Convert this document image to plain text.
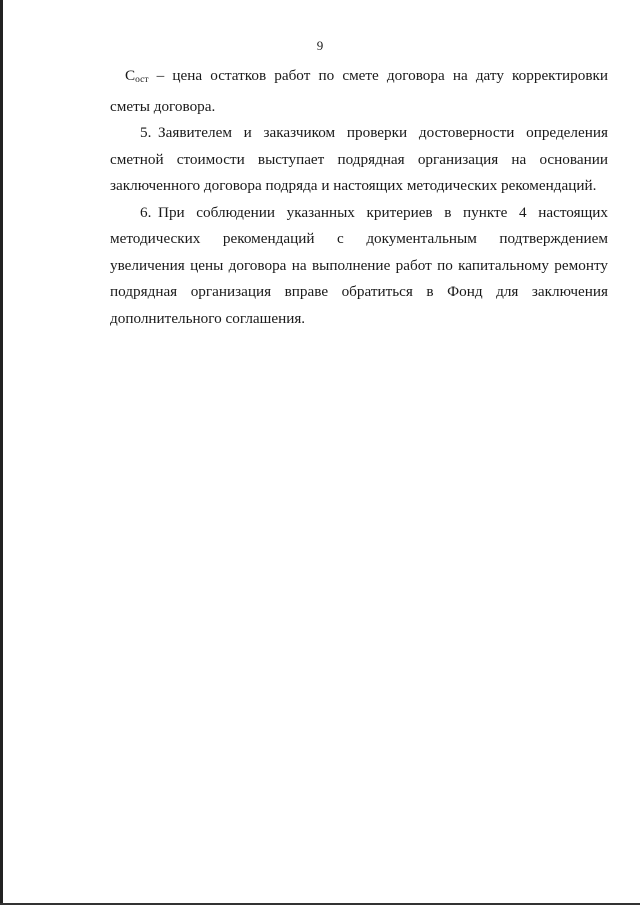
9

$C_{ост}$ – цена остатков работ по смете договора на дату корректировки сметы договора.

5. Заявителем и заказчиком проверки достоверности определения сметной стоимости выступает подрядная организация на основании заключенного договора подряда и настоящих методических рекомендаций.

6. При соблюдении указанных критериев в пункте 4 настоящих методических рекомендаций с документальным подтверждением увеличения цены договора на выполнение работ по капитальному ремонту подрядная организация вправе обратиться в Фонд для заключения дополнительного соглашения.
